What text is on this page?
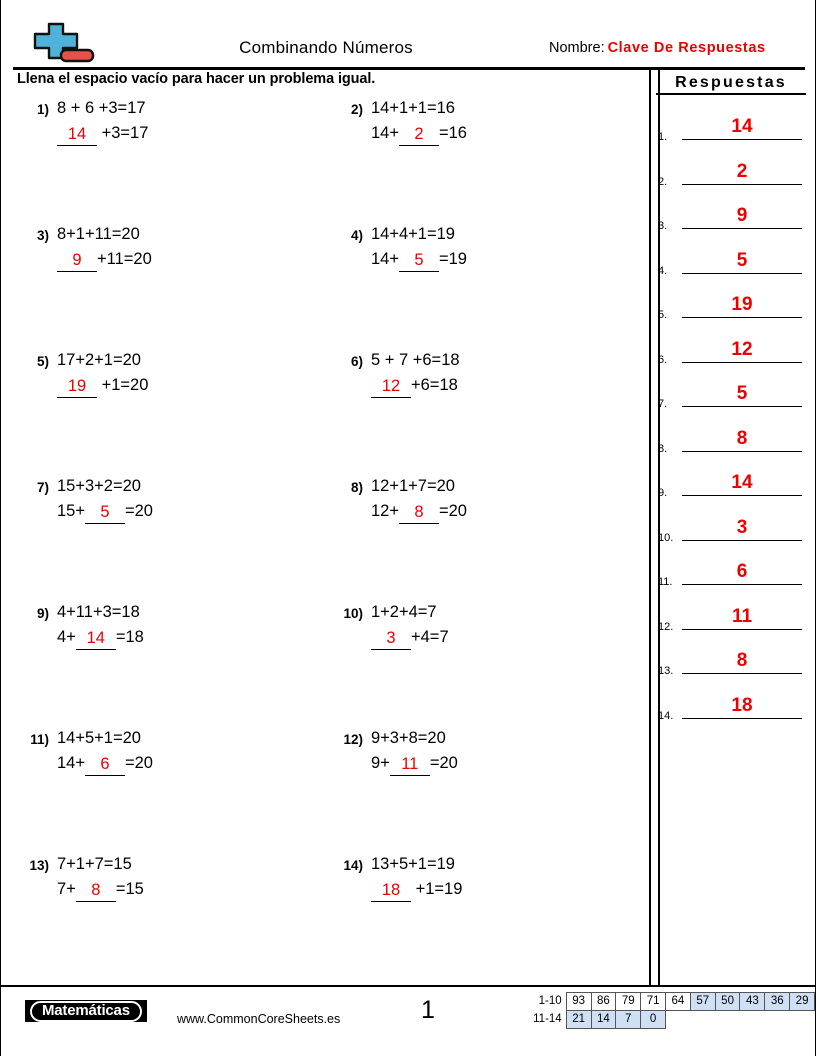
Combinando Números	Nombre: Clave De Respuestas
Llena el espacio vacío para hacer un problema igual.
1) 8 + 6 +3=17
14 +3=17
2) 14+1+1=16
14+ 2 =16
3) 8+1+11=20
9 +11=20
4) 14+4+1=19
14+ 5 =19
5) 17+2+1=20
19 +1=20
6) 5 + 7 +6=18
12 +6=18
7) 15+3+2=20
15+ 5 =20
8) 12+1+7=20
12+ 8 =20
9) 4+11+3=18
4+ 14 =18
10) 1+2+4=7
3 +4=7
11) 14+5+1=20
14+ 6 =20
12) 9+3+8=20
9+ 11 =20
13) 7+1+7=15
7+ 8 =15
14) 13+5+1=19
18 +1=19
Respuestas
1.	14
2.	2
3.	9
4.	5
5.	19
6.	12
7.	5
8.	8
9.	14
10.	3
11.	6
12.	11
13.	8
14.	18
Matemáticas
www.CommonCoreSheets.es	1	1-10	93	86	79	71	64	57	50	43	36	29
11-14	21	14	7	0						
